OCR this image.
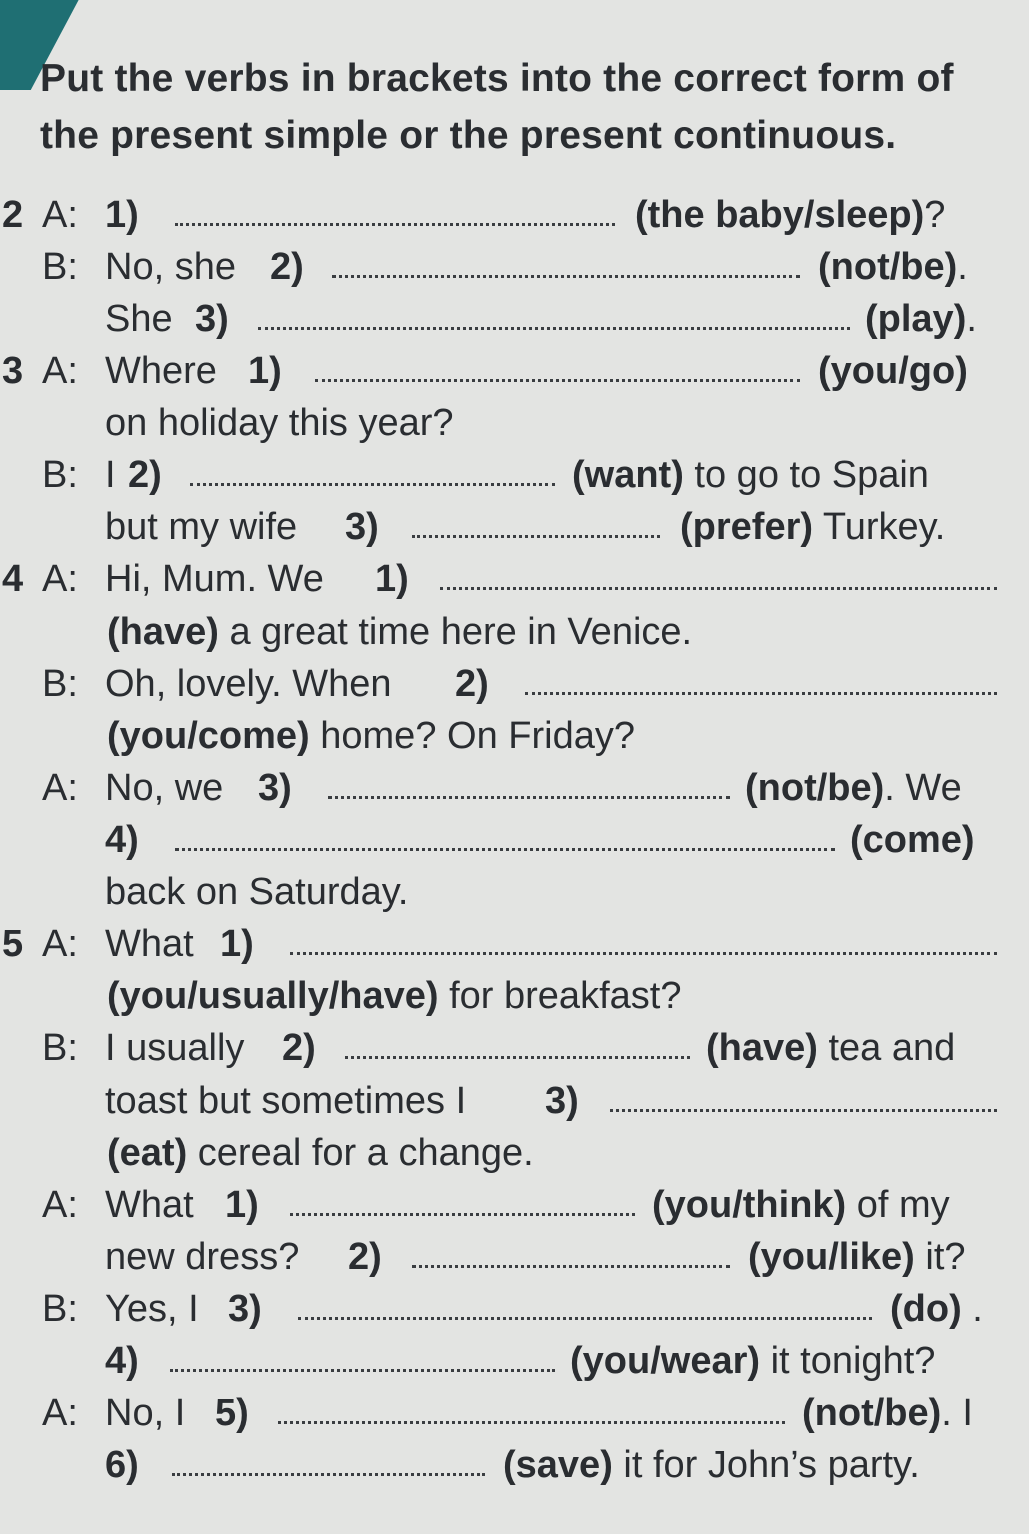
Put the verbs in brackets into the correct form of the present simple or the present continuous.
2 A: 1)	(the baby/sleep)?
B: No, she 2)	(not/be).
She 3)	(play).
3 A: Where 1)	(you/go)
on holiday this year?
B: I 2)	(want) to go to Spain
but my wife 3)	(prefer) Turkey.
4 A: Hi, Mum. We 1)
(have) a great time here in Venice.
B: Oh, lovely. When 2)
(you/come) home? On Friday?
A: No, we 3)	(not/be). We
4)	(come)
back on Saturday.
5 A: What 1)
(you/usually/have) for breakfast?
B: I usually 2)	(have) tea and
toast but sometimes I 3)
(eat) cereal for a change.
A: What 1)	(you/think) of my
new dress? 2)	(you/like) it?
B: Yes, I 3)	(do) .
4)	(you/wear) it tonight?
A: No, I 5)	(not/be). I
6)	(save) it for John’s party.
